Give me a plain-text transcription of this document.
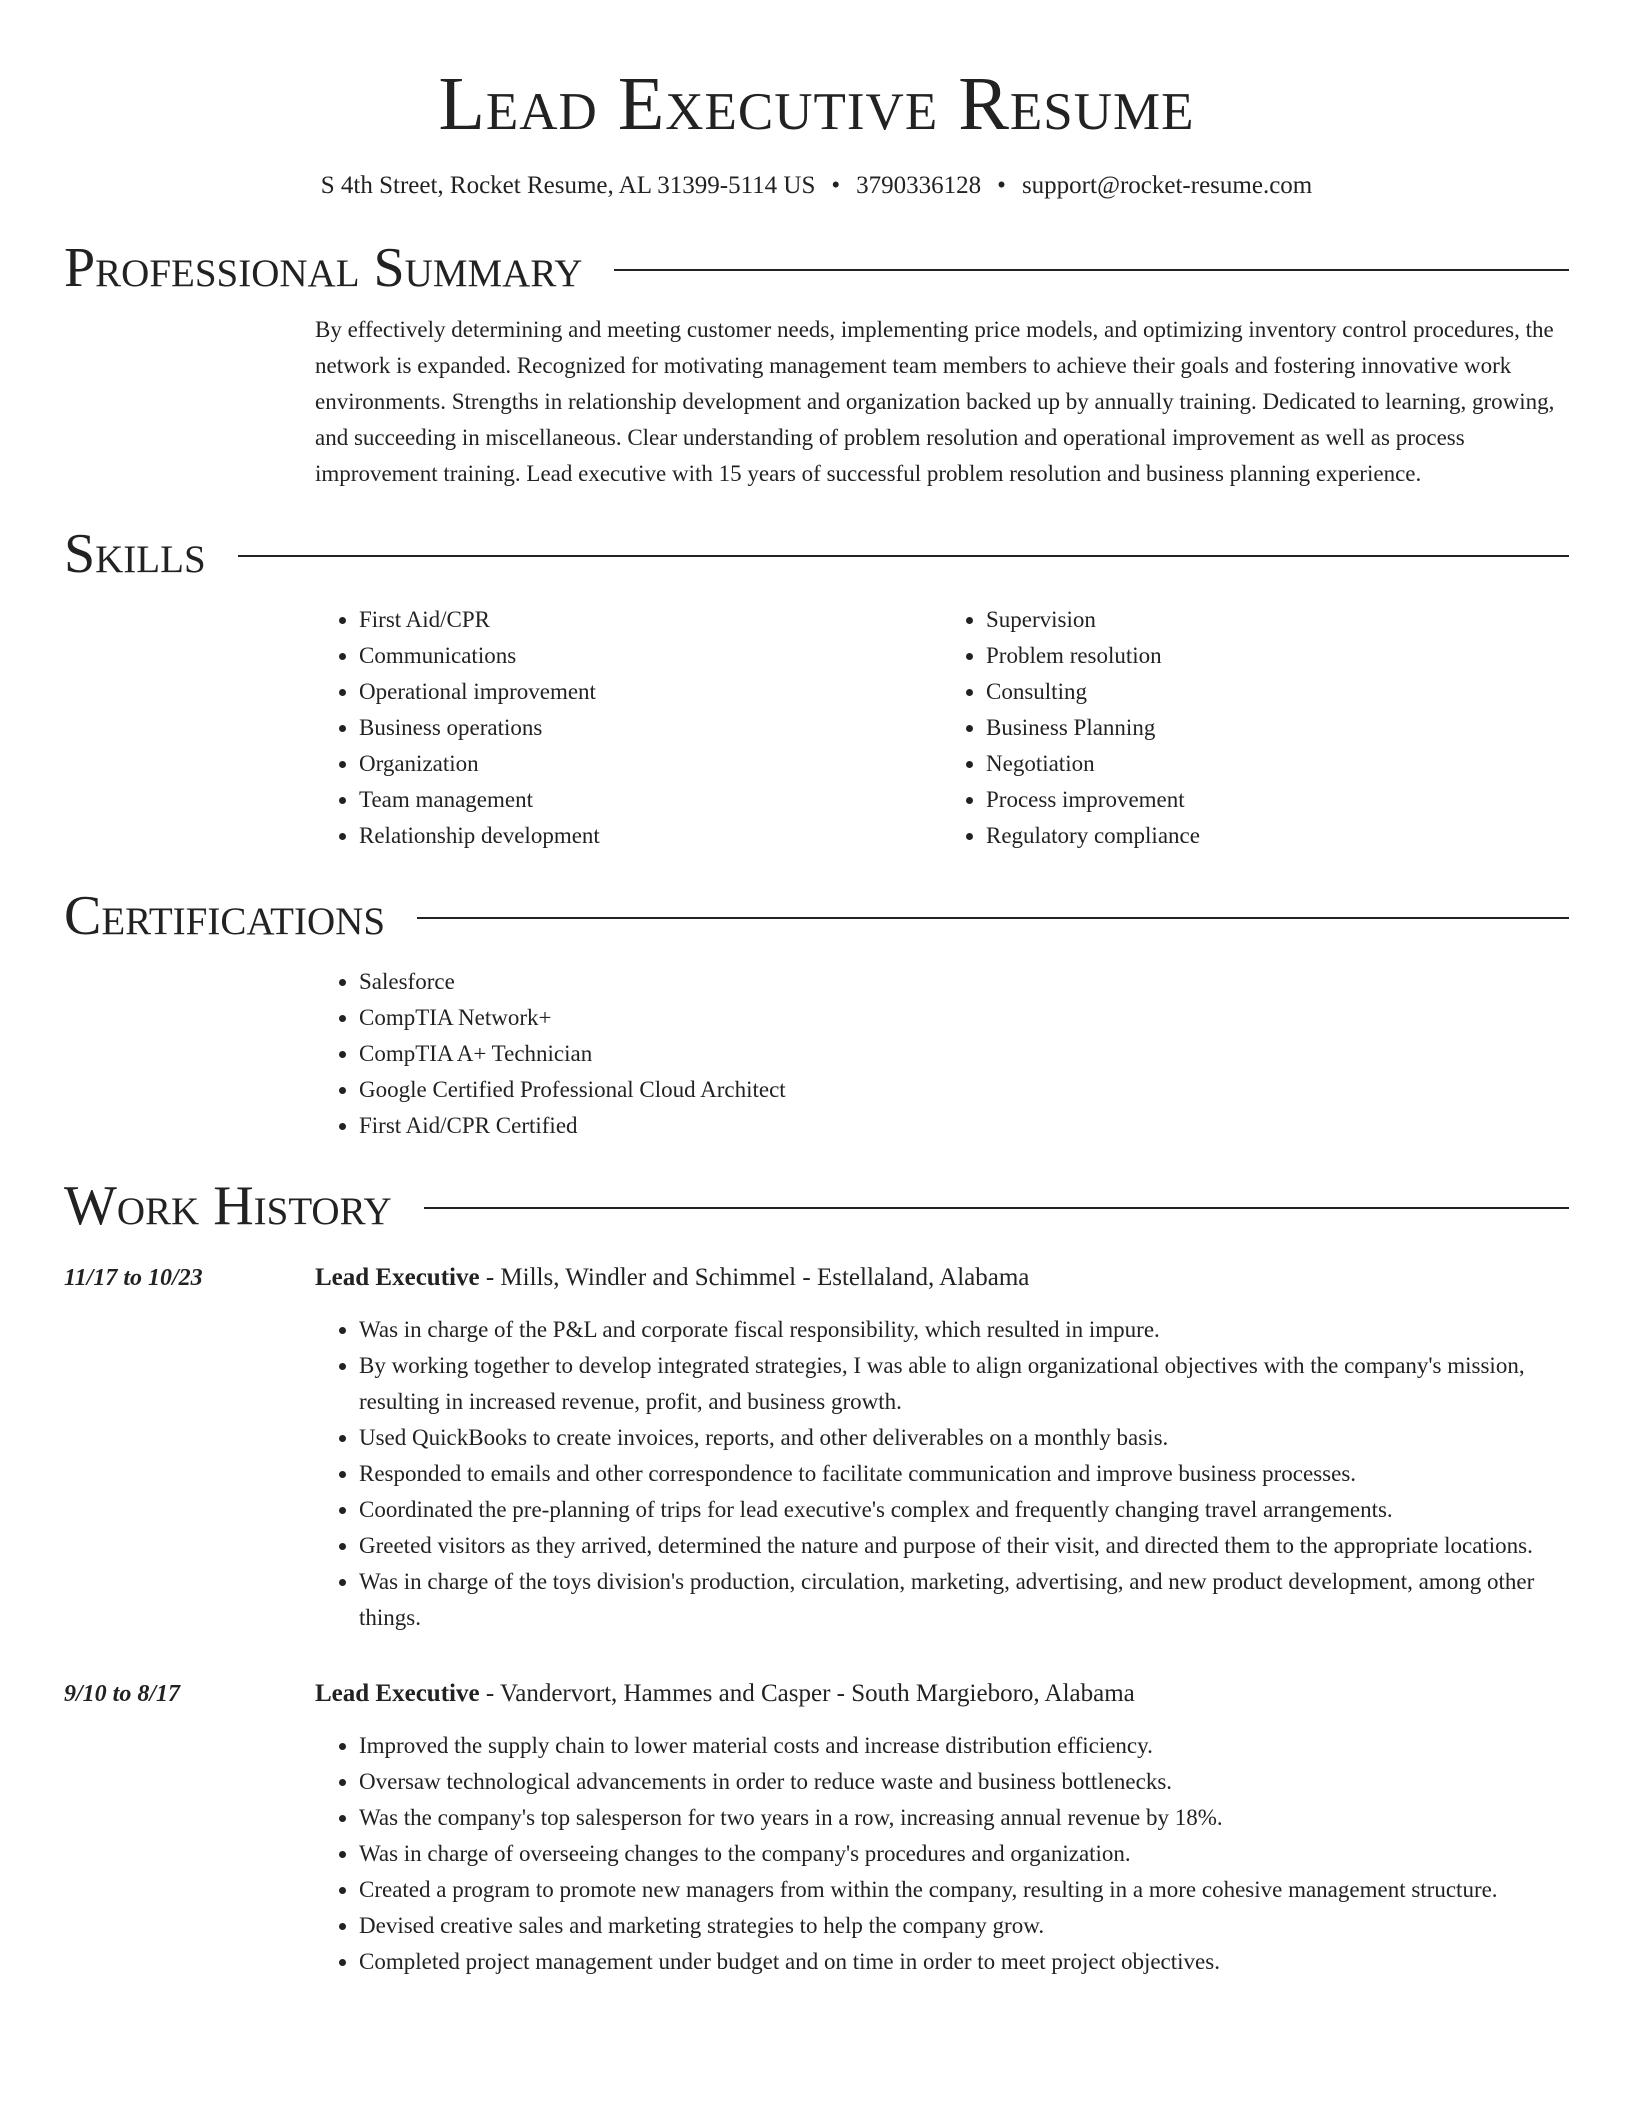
Lead Executive Resume
S 4th Street, Rocket Resume, AL 31399-5114 US • 3790336128 • support@rocket-resume.com
Professional Summary
By effectively determining and meeting customer needs, implementing price models, and optimizing inventory control procedures, the network is expanded. Recognized for motivating management team members to achieve their goals and fostering innovative work environments. Strengths in relationship development and organization backed up by annually training. Dedicated to learning, growing, and succeeding in miscellaneous. Clear understanding of problem resolution and operational improvement as well as process improvement training. Lead executive with 15 years of successful problem resolution and business planning experience.
Skills
• First Aid/CPR
• Communications
• Operational improvement
• Business operations
• Organization
• Team management
• Relationship development
• Supervision
• Problem resolution
• Consulting
• Business Planning
• Negotiation
• Process improvement
• Regulatory compliance
Certifications
• Salesforce
• CompTIA Network+
• CompTIA A+ Technician
• Google Certified Professional Cloud Architect
• First Aid/CPR Certified
Work History
11/17 to 10/23	Lead Executive - Mills, Windler and Schimmel - Estellaland, Alabama
• Was in charge of the P&L and corporate fiscal responsibility, which resulted in impure.
• By working together to develop integrated strategies, I was able to align organizational objectives with the company's mission, resulting in increased revenue, profit, and business growth.
• Used QuickBooks to create invoices, reports, and other deliverables on a monthly basis.
• Responded to emails and other correspondence to facilitate communication and improve business processes.
• Coordinated the pre-planning of trips for lead executive's complex and frequently changing travel arrangements.
• Greeted visitors as they arrived, determined the nature and purpose of their visit, and directed them to the appropriate locations.
• Was in charge of the toys division's production, circulation, marketing, advertising, and new product development, among other things.
9/10 to 8/17	Lead Executive - Vandervort, Hammes and Casper - South Margieboro, Alabama
• Improved the supply chain to lower material costs and increase distribution efficiency.
• Oversaw technological advancements in order to reduce waste and business bottlenecks.
• Was the company's top salesperson for two years in a row, increasing annual revenue by 18%.
• Was in charge of overseeing changes to the company's procedures and organization.
• Created a program to promote new managers from within the company, resulting in a more cohesive management structure.
• Devised creative sales and marketing strategies to help the company grow.
• Completed project management under budget and on time in order to meet project objectives.
